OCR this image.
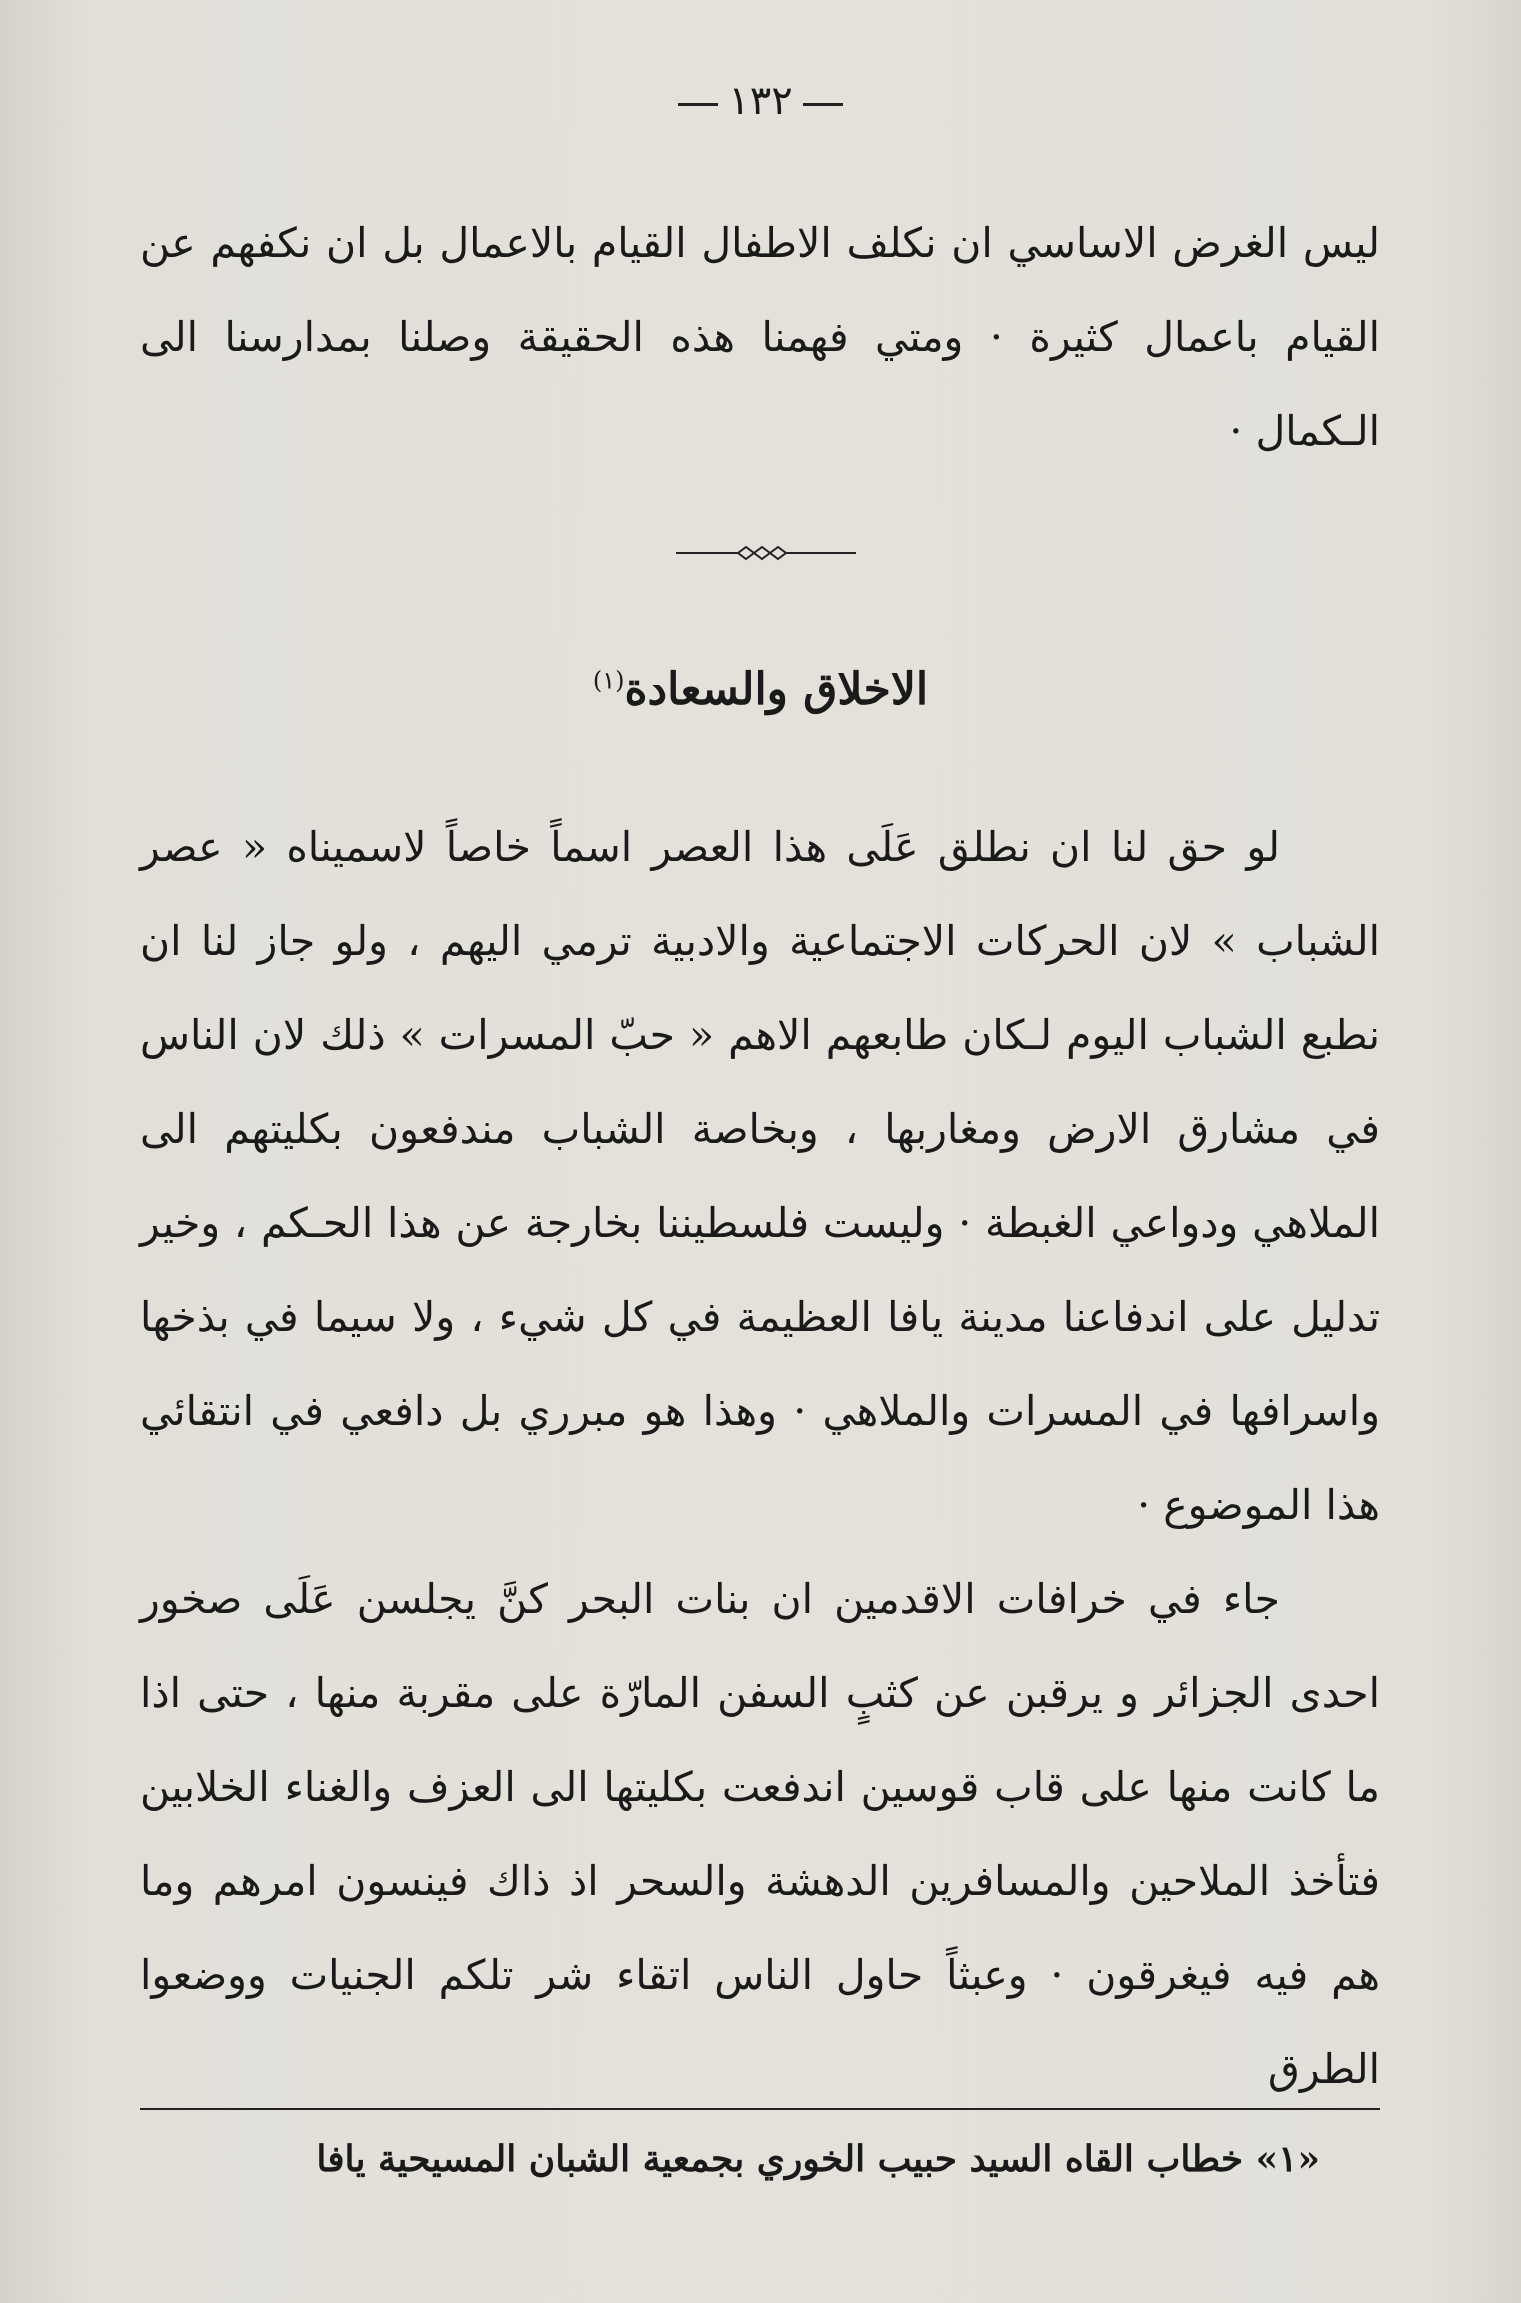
١٣٢

ليس الغرض الاساسي ان نكلف الاطفال القيام بالاعمال بل ان نكفهم عن القيام باعمال كثيرة · ومتي فهمنا هذه الحقيقة وصلنا بمدارسنا الى الـكمال ·

الاخلاق والسعادة$^{(١)}$

لو حق لنا ان نطلق عَلَى هذا العصر اسماً خاصاً لاسميناه « عصر الشباب » لان الحركات الاجتماعية والادبية ترمي اليهم ، ولو جاز لنا ان نطبع الشباب اليوم لـكان طابعهم الاهم « حبّ المسرات » ذلك لان الناس في مشارق الارض ومغاربها ، وبخاصة الشباب مندفعون بكليتهم الى الملاهي ودواعي الغبطة · وليست فلسطيننا بخارجة عن هذا الحـكم ، وخير تدليل على اندفاعنا مدينة يافا العظيمة في كل شيء ، ولا سيما في بذخها واسرافها في المسرات والملاهي · وهذا هو مبرري بل دافعي في انتقائي هذا الموضوع ·

جاء في خرافات الاقدمين ان بنات البحر كنَّ يجلسن عَلَى صخور احدى الجزائر و يرقبن عن كثبٍ السفن المارّة على مقربة منها ، حتى اذا ما كانت منها على قاب قوسين اندفعت بكليتها الى العزف والغناء الخلابين فتأخذ الملاحين والمسافرين الدهشة والسحر اذ ذاك فينسون امرهم وما هم فيه فيغرقون · وعبثاً حاول الناس اتقاء شر تلكم الجنيات ووضعوا الطرق

«١» خطاب القاه السيد حبيب الخوري بجمعية الشبان المسيحية يافا
